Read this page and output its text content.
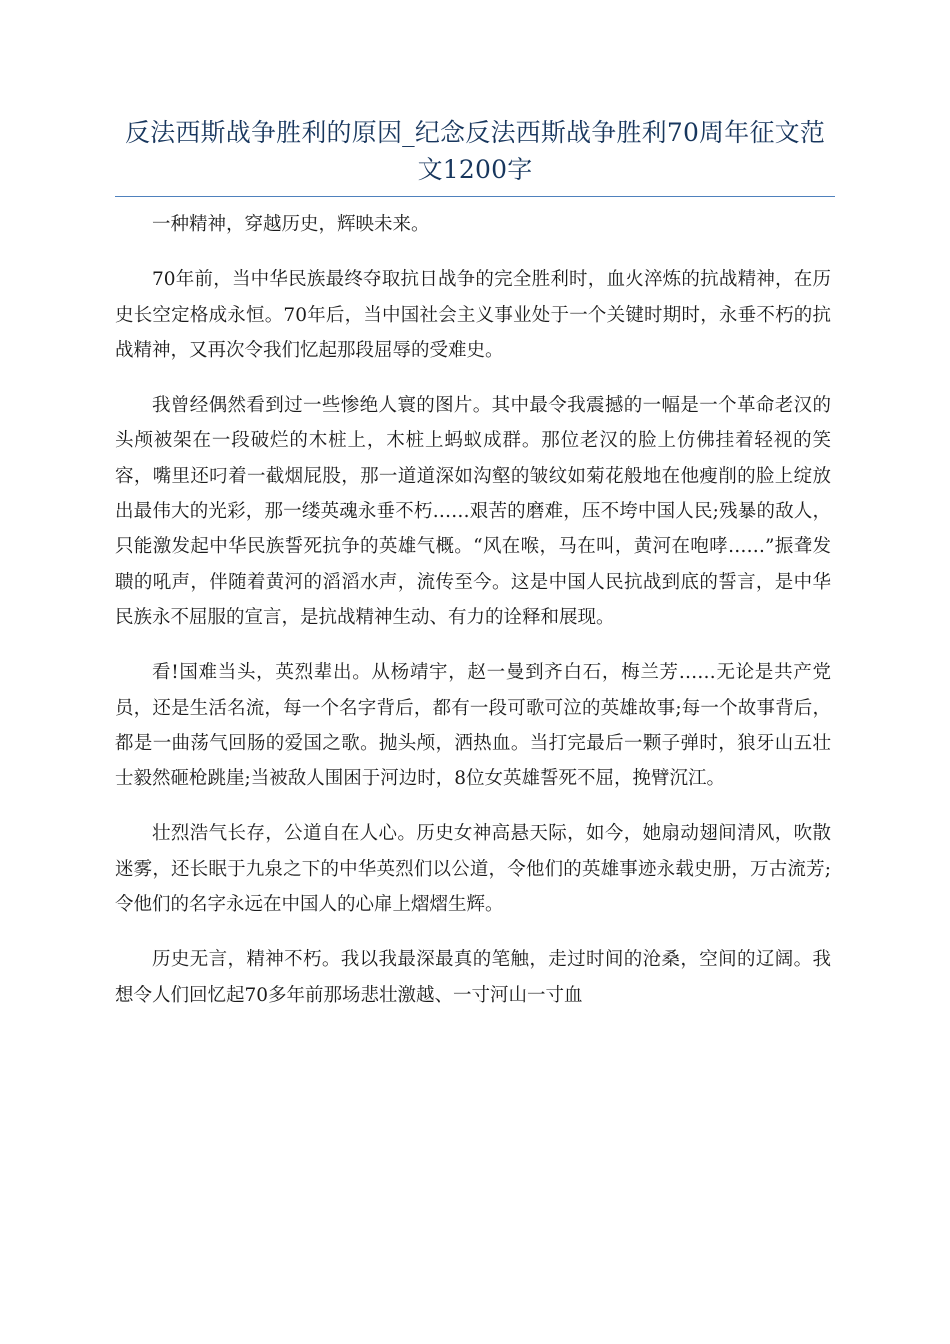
反法西斯战争胜利的原因_纪念反法西斯战争胜利70周年征文范文1200字

一种精神，穿越历史，辉映未来。

70年前，当中华民族最终夺取抗日战争的完全胜利时，血火淬炼的抗战精神，在历史长空定格成永恒。70年后，当中国社会主义事业处于一个关键时期时，永垂不朽的抗战精神，又再次令我们忆起那段屈辱的受难史。

我曾经偶然看到过一些惨绝人寰的图片。其中最令我震撼的一幅是一个革命老汉的头颅被架在一段破烂的木桩上，木桩上蚂蚁成群。那位老汉的脸上仿佛挂着轻视的笑容，嘴里还叼着一截烟屁股，那一道道深如沟壑的皱纹如菊花般地在他瘦削的脸上绽放出最伟大的光彩，那一缕英魂永垂不朽……艰苦的磨难，压不垮中国人民;残暴的敌人，只能激发起中华民族誓死抗争的英雄气概。“风在喉，马在叫，黄河在咆哮……”振聋发聩的吼声，伴随着黄河的滔滔水声，流传至今。这是中国人民抗战到底的誓言，是中华民族永不屈服的宣言，是抗战精神生动、有力的诠释和展现。

看!国难当头，英烈辈出。从杨靖宇，赵一曼到齐白石，梅兰芳……无论是共产党员，还是生活名流，每一个名字背后，都有一段可歌可泣的英雄故事;每一个故事背后，都是一曲荡气回肠的爱国之歌。抛头颅，洒热血。当打完最后一颗子弹时，狼牙山五壮士毅然砸枪跳崖;当被敌人围困于河边时，8位女英雄誓死不屈，挽臂沉江。

壮烈浩气长存，公道自在人心。历史女神高悬天际，如今，她扇动翅间清风，吹散迷雾，还长眠于九泉之下的中华英烈们以公道，令他们的英雄事迹永载史册，万古流芳;令他们的名字永远在中国人的心扉上熠熠生辉。

历史无言，精神不朽。我以我最深最真的笔触，走过时间的沧桑，空间的辽阔。我想令人们回忆起70多年前那场悲壮激越、一寸河山一寸血
